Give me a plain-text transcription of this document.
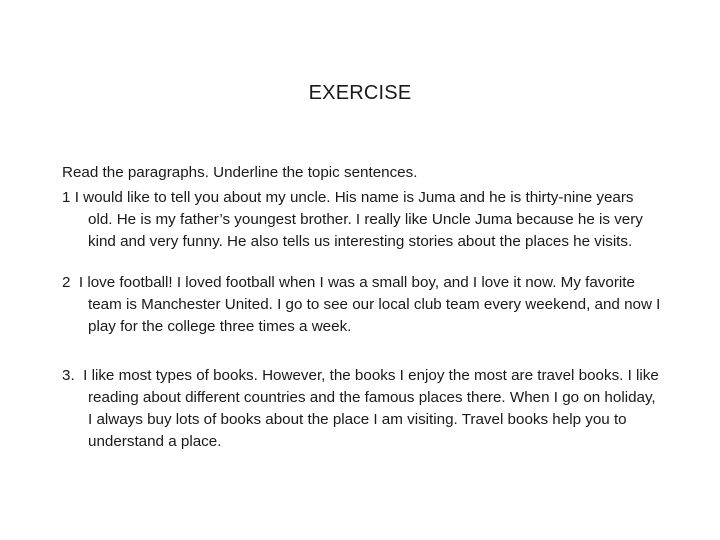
EXERCISE

Read the paragraphs. Underline the topic sentences.

1 I would like to tell you about my uncle. His name is Juma and he is thirty-nine years old. He is my father’s youngest brother. I really like Uncle Juma because he is very kind and very funny. He also tells us interesting stories about the places he visits.

2 I love football! I loved football when I was a small boy, and I love it now. My favorite team is Manchester United. I go to see our local club team every weekend, and now I play for the college three times a week.

3. I like most types of books. However, the books I enjoy the most are travel books. I like reading about different countries and the famous places there. When I go on holiday, I always buy lots of books about the place I am visiting. Travel books help you to understand a place.
